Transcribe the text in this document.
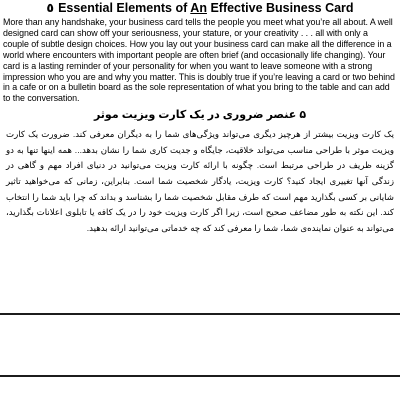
٥ Essential Elements of An Effective Business Card

More than any handshake, your business card tells the people you meet what you’re all about. A well designed card can show off your seriousness, your stature, or your creativity . . . all with only a couple of subtle design choices. How you lay out your business card can make all the difference in a world where encounters with important people are often brief (and occasionally life changing). Your card is a lasting reminder of your personality for when you want to leave someone with a strong impression who you are and why you matter. This is doubly true if you’re leaving a card or two behind in a cafe or on a bulletin board as the sole representation of what you bring to the table and can add to the conversation.

۵ عنصر ضروری در یک کارت ویزیت موثر

یک کارت ویزیت بیشتر از هرچیز دیگری می‌تواند ویژگی‌های شما را به دیگران معرفی کند. ضرورت یک کارت ویزیت موثر با طراحی مناسب می‌تواند خلاقیت، جایگاه و جدیت کاری شما را نشان بدهد... همه اینها تنها به دو گزینه ظریف در طراحی مرتبط است. چگونه با ارائه کارت ویزیت می‌توانید در دنیای افراد مهم و گاهی در زندگی آنها تغییری ایجاد کنید؟ کارت ویزیت، یادگار شخصیت شما است. بنابراین، زمانی که می‌خواهید تاثیر شایانی بر کسی بگذارید مهم است که طرف مقابل شخصیت شما را بشناسد و بداند که چرا باید شما را انتخاب کند. این نکته به طور مضاعف صحیح است، زیرا اگر کارت ویزیت خود را در یک کافه یا تابلوی اعلانات بگذارید، می‌تواند به عنوان نماینده‌ی شما، شما را معرفی کند که چه خدماتی می‌توانید ارائه بدهید.
